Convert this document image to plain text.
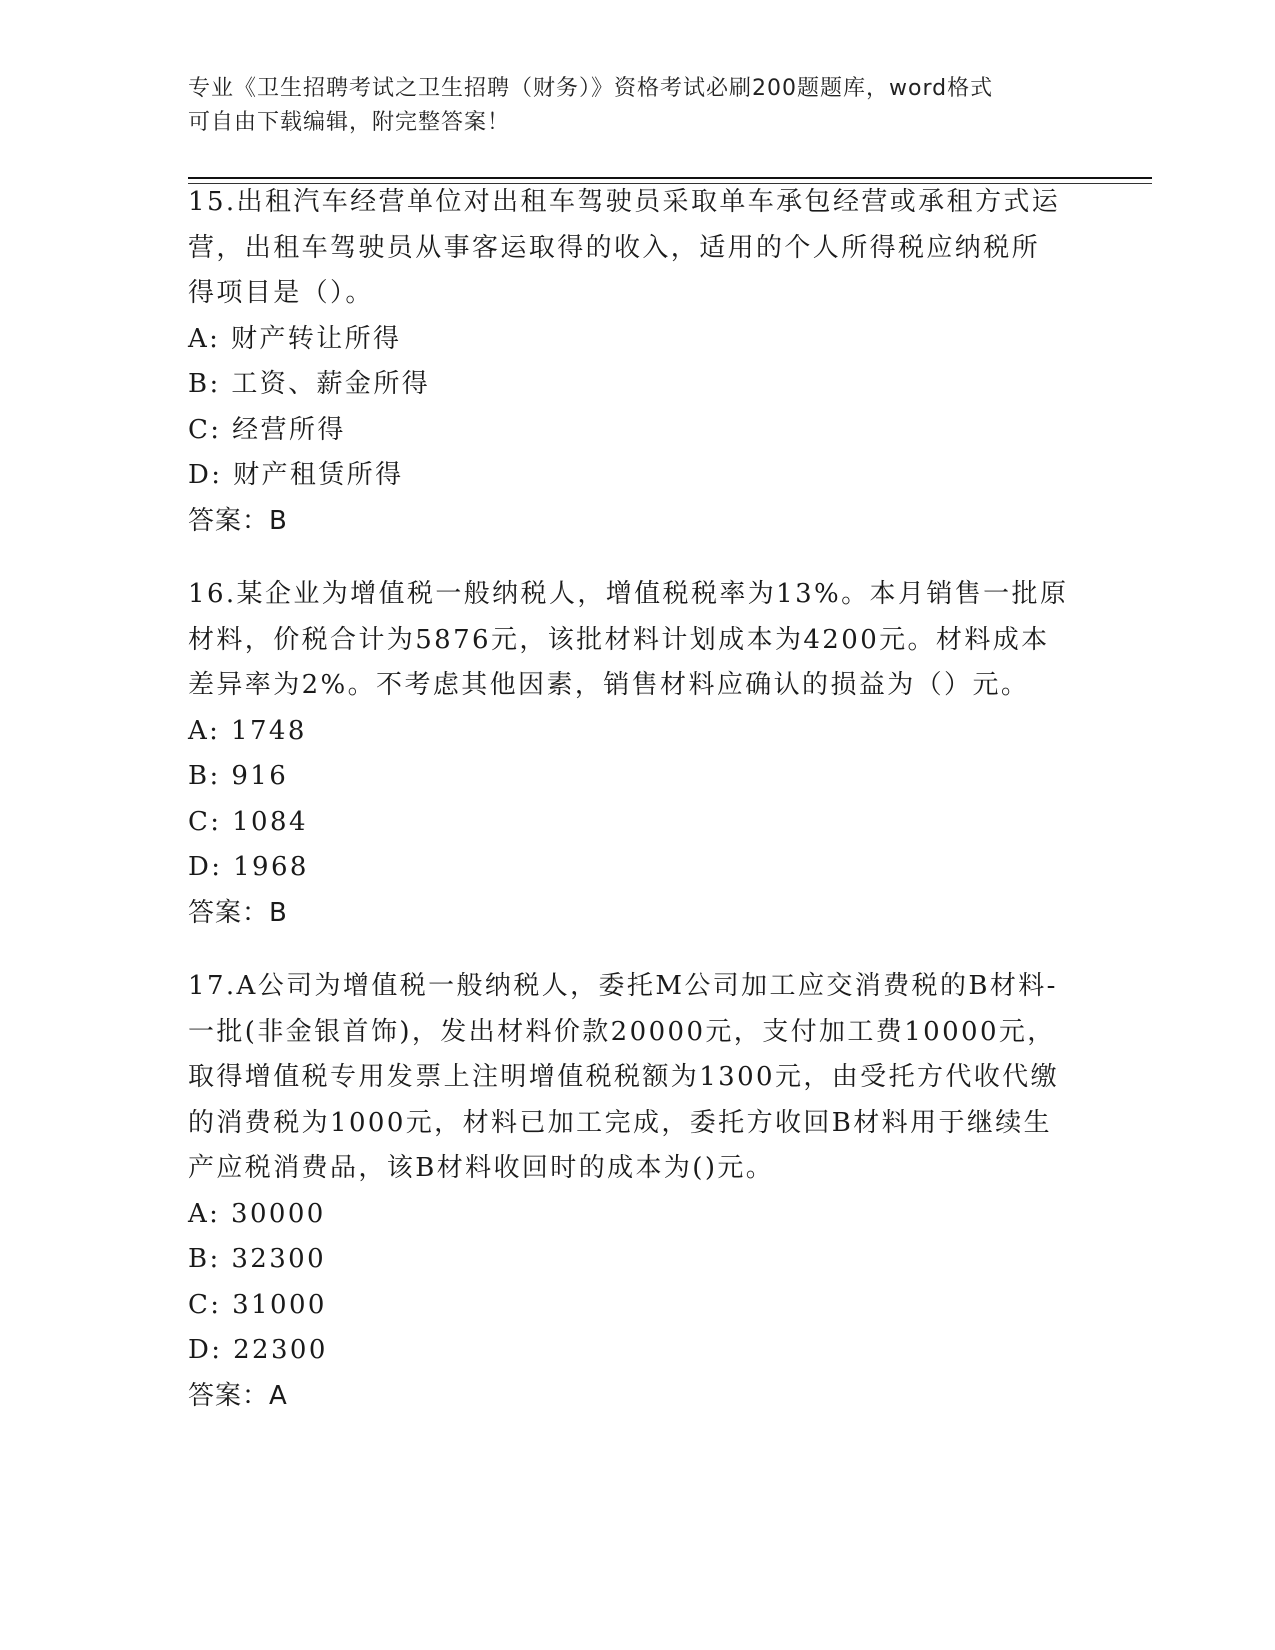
专业《卫生招聘考试之卫生招聘（财务）》资格考试必刷200题题库，word格式
可自由下载编辑，附完整答案！
15.出租汽车经营单位对出租车驾驶员采取单车承包经营或承租方式运
营，出租车驾驶员从事客运取得的收入，适用的个人所得税应纳税所
得项目是（）。
A: 财产转让所得
B: 工资、薪金所得
C: 经营所得
D: 财产租赁所得
答案：B
16.某企业为增值税一般纳税人，增值税税率为13%。本月销售一批原
材料，价税合计为5876元，该批材料计划成本为4200元。材料成本
差异率为2%。不考虑其他因素，销售材料应确认的损益为（）元。
A: 1748
B: 916
C: 1084
D: 1968
答案：B
17.A公司为增值税一般纳税人，委托M公司加工应交消费税的B材料-
一批(非金银首饰)，发出材料价款20000元，支付加工费10000元，
取得增值税专用发票上注明增值税税额为1300元，由受托方代收代缴
的消费税为1000元，材料已加工完成，委托方收回B材料用于继续生
产应税消费品，该B材料收回时的成本为()元。
A: 30000
B: 32300
C: 31000
D: 22300
答案：A
